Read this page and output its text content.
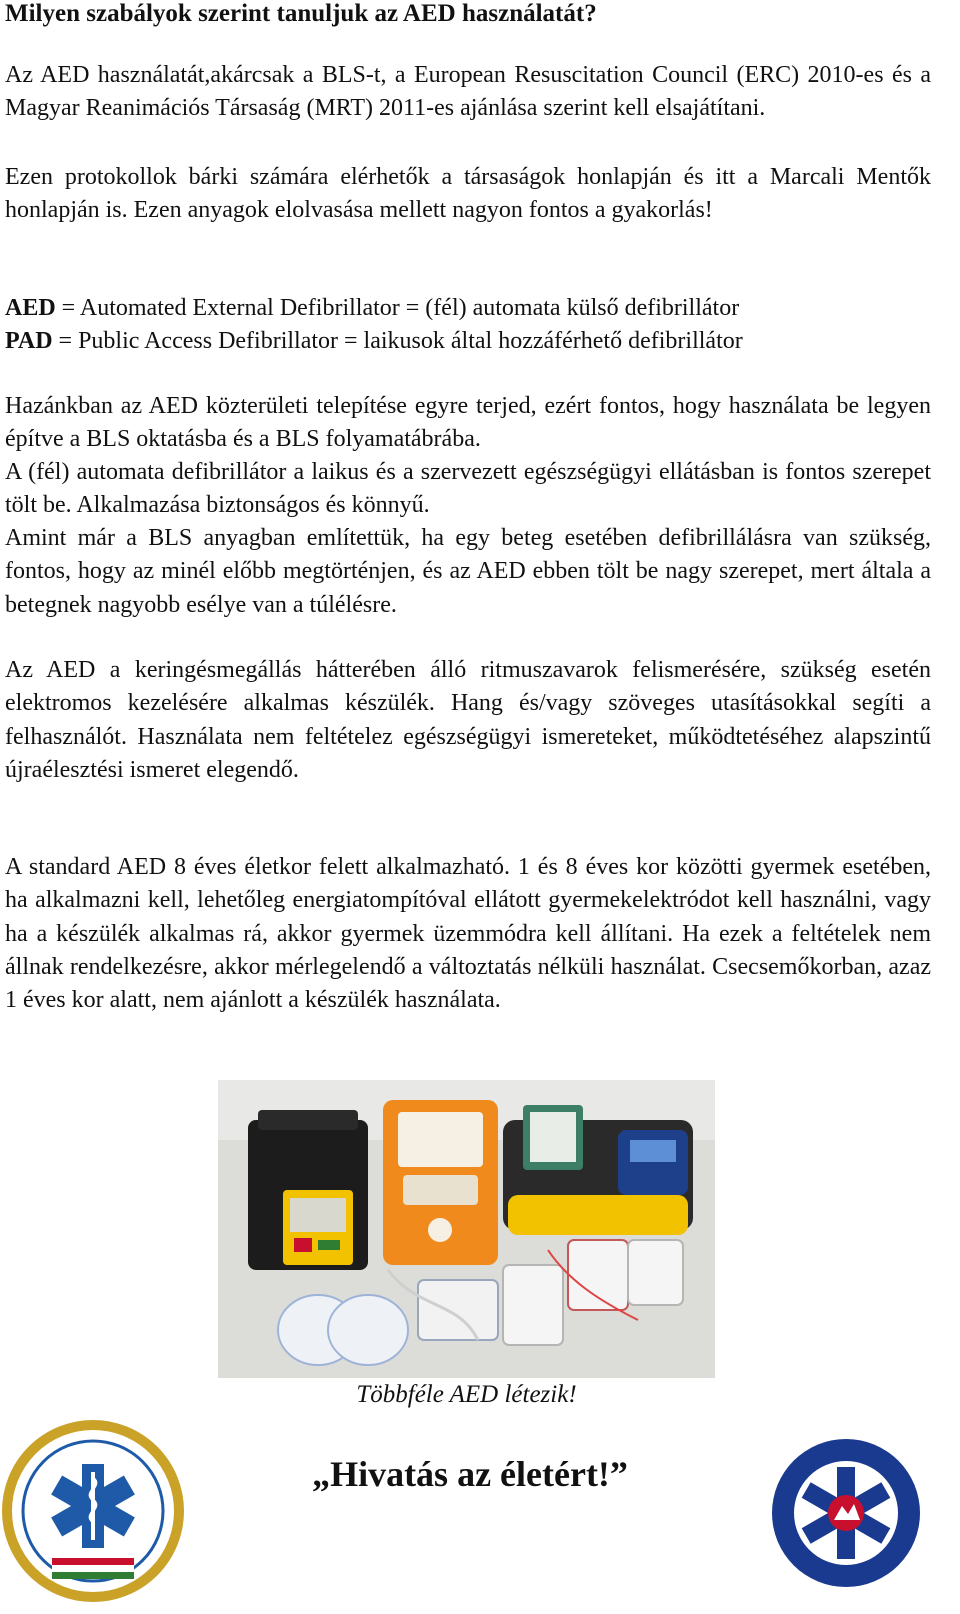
Milyen szabályok szerint tanuljuk az AED használatát?

Az AED használatát,akárcsak a BLS-t, a European Resuscitation Council (ERC) 2010-es és a Magyar Reanimációs Társaság (MRT) 2011-es ajánlása szerint kell elsajátítani.

Ezen protokollok bárki számára elérhetők a társaságok honlapján és itt a Marcali Mentők honlapján is. Ezen anyagok elolvasása mellett nagyon fontos a gyakorlás!

AED = Automated External Defibrillator = (fél) automata külső defibrillátor
PAD = Public Access Defibrillator = laikusok által hozzáférhető defibrillátor

Hazánkban az AED közterületi telepítése egyre terjed, ezért fontos, hogy használata be legyen építve a BLS oktatásba és a BLS folyamatábrába.

A (fél) automata defibrillátor a laikus és a szervezett egészségügyi ellátásban is fontos szerepet tölt be. Alkalmazása biztonságos és könnyű.

Amint már a BLS anyagban említettük, ha egy beteg esetében defibrillálásra van szükség, fontos, hogy az minél előbb megtörténjen, és az AED ebben tölt be nagy szerepet, mert általa a betegnek nagyobb esélye van a túlélésre.

Az AED a keringésmegállás hátterében álló ritmuszavarok felismerésére, szükség esetén elektromos kezelésére alkalmas készülék. Hang és/vagy szöveges utasításokkal segíti a felhasználót. Használata nem feltételez egészségügyi ismereteket, működtetéséhez alapszintű újraélesztési ismeret elegendő.

A standard AED 8 éves életkor felett alkalmazható. 1 és 8 éves kor közötti gyermek esetében, ha alkalmazni kell, lehetőleg energiatompítóval ellátott gyermekelektródot kell használni, vagy ha a készülék alkalmas rá, akkor gyermek üzemmódra kell állítani. Ha ezek a feltételek nem állnak rendelkezésre, akkor mérlegelendő a változtatás nélküli használat. Csecsemőkorban, azaz 1 éves kor alatt, nem ajánlott a készülék használata.

Többféle AED létezik!

„Hivatás az életért!”
